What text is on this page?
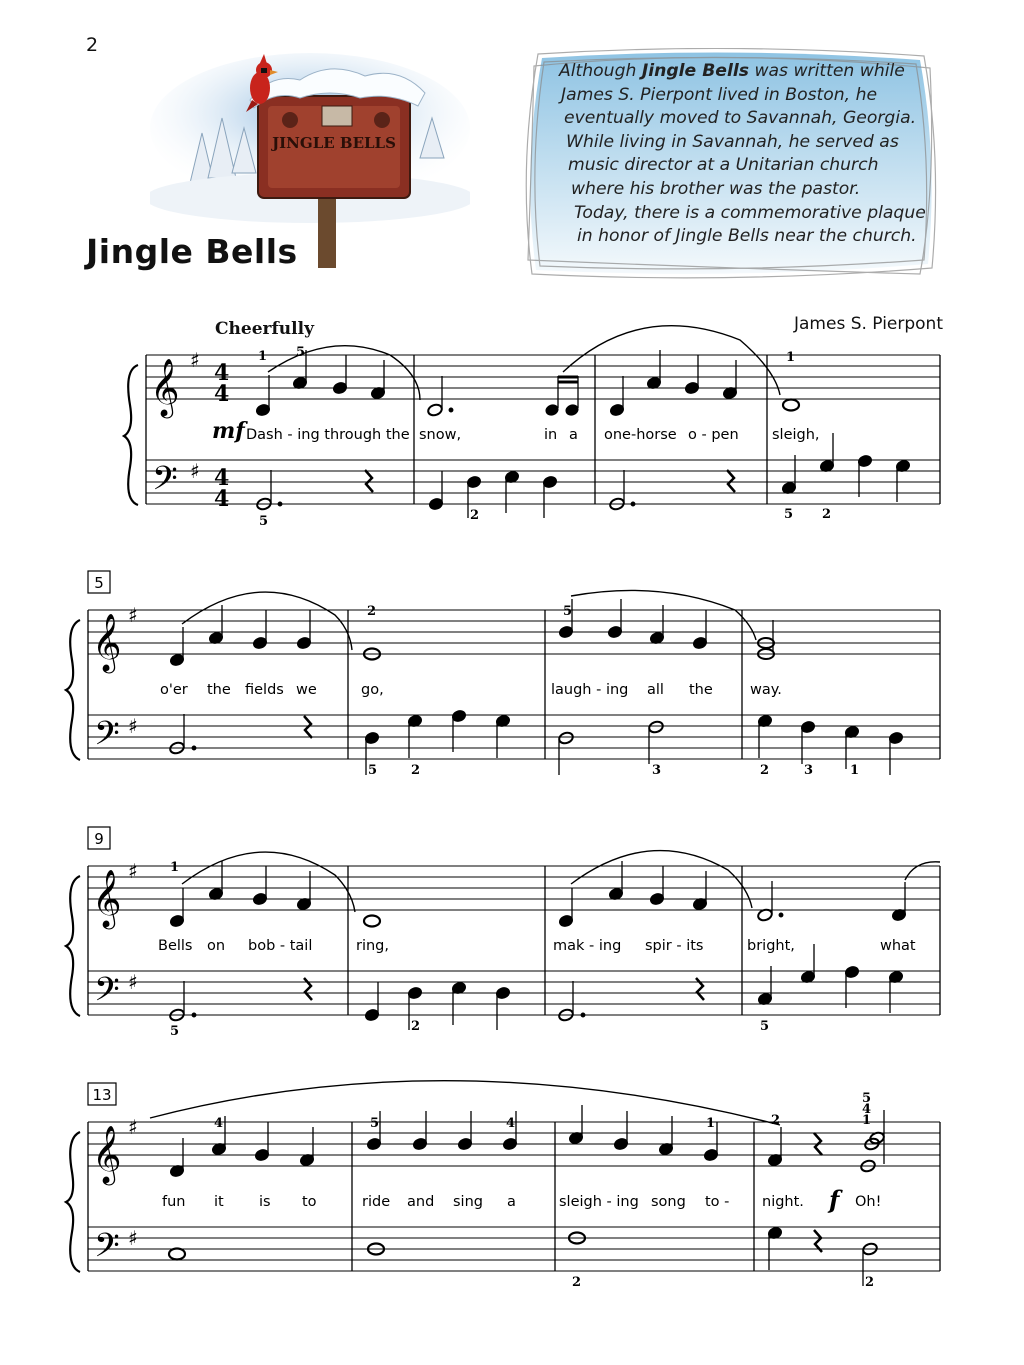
2
JINGLE BELLS
Jingle Bells
Although Jingle Bells was written while
James S. Pierpont lived in Boston, he
eventually moved to Savannah, Georgia.
While living in Savannah, he served as
music director at a Unitarian church
where his brother was the pastor.
Today, there is a commemorative plaque
in honor of Jingle Bells near the church.
Cheerfully	James S. Pierpont
𝄞
𝄢
♯
♯
4
4
4
4
𝄞
𝄢
♯
♯
𝄞
𝄢
♯
♯
𝄞
𝄢
♯
♯
5
9
13
mf
f
1 5	1
5	2	5 2
2	5
5	2	3	2	3	1
1
5	2	5
4	5	4	1	2
5
4
1
2	2
Dash - ing through the snow,	in a one-horse o - pen sleigh,
o'er the fields we	go,	laugh - ing all the	way.
Bells on bob - tail	ring,	mak - ing spir - its	bright,	what
fun it is to	ride and sing a	sleigh - ing song to - night.	Oh!
